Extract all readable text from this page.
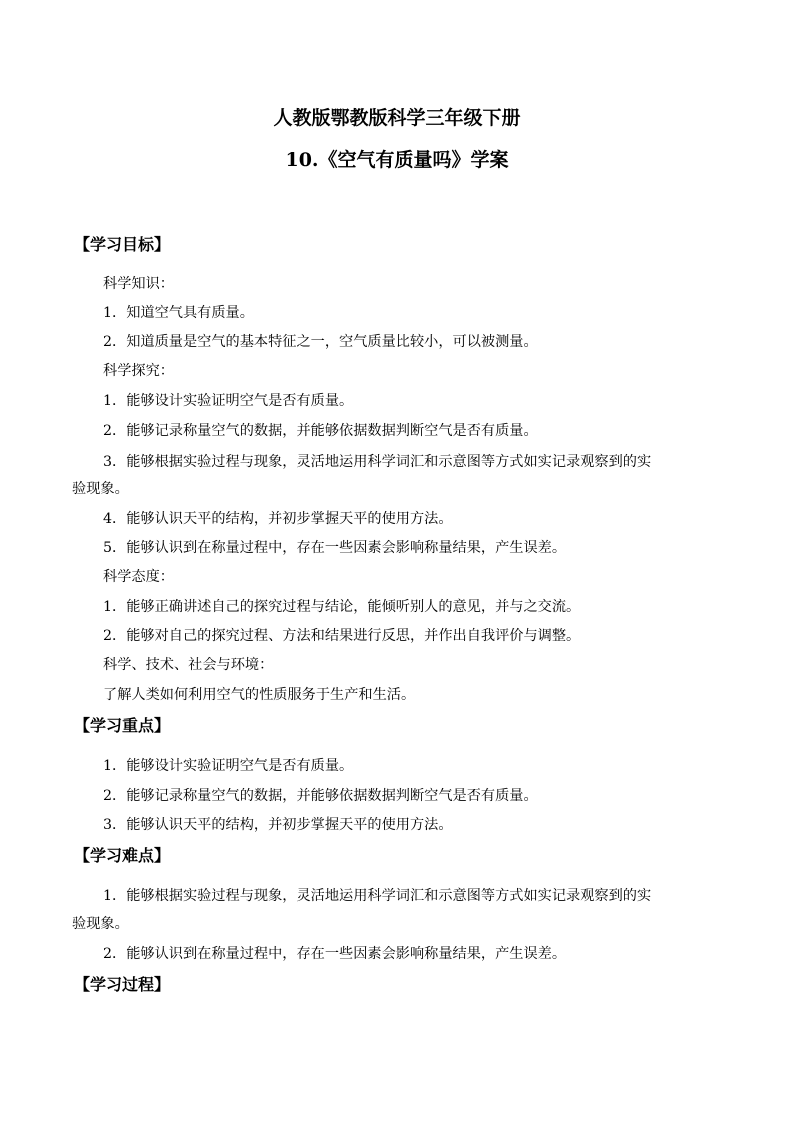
人教版鄂教版科学三年级下册
10.《空气有质量吗》学案
【学习目标】
科学知识：
1．知道空气具有质量。
2．知道质量是空气的基本特征之一，空气质量比较小，可以被测量。
科学探究：
1．能够设计实验证明空气是否有质量。
2．能够记录称量空气的数据，并能够依据数据判断空气是否有质量。
3．能够根据实验过程与现象，灵活地运用科学词汇和示意图等方式如实记录观察到的实
验现象。
4．能够认识天平的结构，并初步掌握天平的使用方法。
5．能够认识到在称量过程中，存在一些因素会影响称量结果，产生误差。
科学态度：
1．能够正确讲述自己的探究过程与结论，能倾听别人的意见，并与之交流。
2．能够对自己的探究过程、方法和结果进行反思，并作出自我评价与调整。
科学、技术、社会与环境：
了解人类如何利用空气的性质服务于生产和生活。
【学习重点】
1．能够设计实验证明空气是否有质量。
2．能够记录称量空气的数据，并能够依据数据判断空气是否有质量。
3．能够认识天平的结构，并初步掌握天平的使用方法。
【学习难点】
1．能够根据实验过程与现象，灵活地运用科学词汇和示意图等方式如实记录观察到的实
验现象。
2．能够认识到在称量过程中，存在一些因素会影响称量结果，产生误差。
【学习过程】
